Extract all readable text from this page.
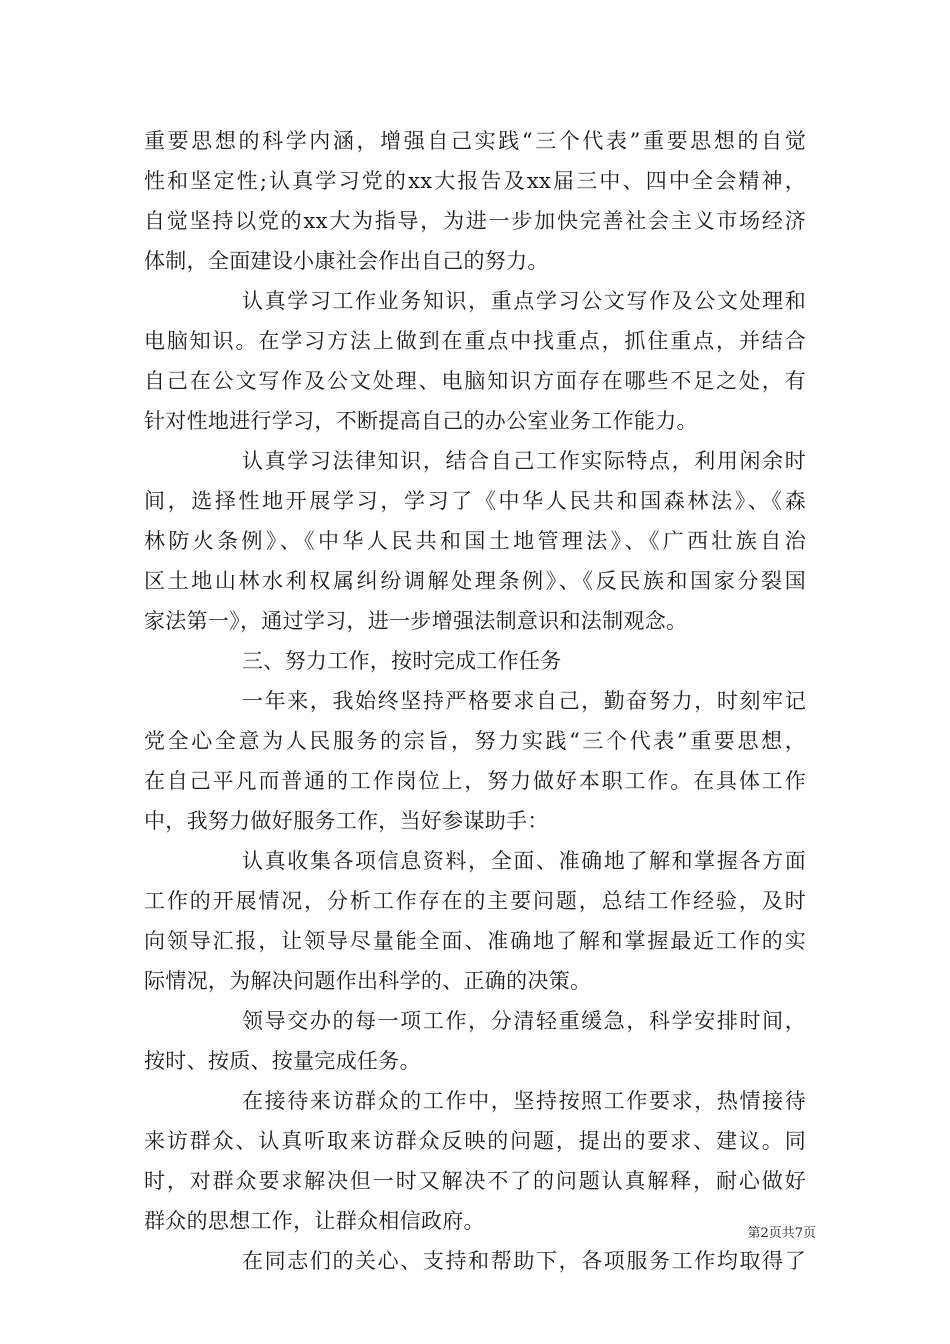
重要思想的科学内涵，增强自己实践“三个代表”重要思想的自觉
性和坚定性;认真学习党的xx大报告及xx届三中、四中全会精神，
自觉坚持以党的xx大为指导，为进一步加快完善社会主义市场经济
体制，全面建设小康社会作出自己的努力。
认真学习工作业务知识，重点学习公文写作及公文处理和
电脑知识。在学习方法上做到在重点中找重点，抓住重点，并结合
自己在公文写作及公文处理、电脑知识方面存在哪些不足之处，有
针对性地进行学习，不断提高自己的办公室业务工作能力。
认真学习法律知识，结合自己工作实际特点，利用闲余时
间，选择性地开展学习，学习了《中华人民共和国森林法》、《森
林防火条例》、《中华人民共和国土地管理法》、《广西壮族自治
区土地山林水利权属纠纷调解处理条例》、《反民族和国家分裂国
家法第一》，通过学习，进一步增强法制意识和法制观念。
三、努力工作，按时完成工作任务
一年来，我始终坚持严格要求自己，勤奋努力，时刻牢记
党全心全意为人民服务的宗旨，努力实践“三个代表”重要思想，
在自己平凡而普通的工作岗位上，努力做好本职工作。在具体工作
中，我努力做好服务工作，当好参谋助手：
认真收集各项信息资料，全面、准确地了解和掌握各方面
工作的开展情况，分析工作存在的主要问题，总结工作经验，及时
向领导汇报，让领导尽量能全面、准确地了解和掌握最近工作的实
际情况，为解决问题作出科学的、正确的决策。
领导交办的每一项工作，分清轻重缓急，科学安排时间，
按时、按质、按量完成任务。
在接待来访群众的工作中，坚持按照工作要求，热情接待
来访群众、认真听取来访群众反映的问题，提出的要求、建议。同
时，对群众要求解决但一时又解决不了的问题认真解释，耐心做好
群众的思想工作，让群众相信政府。
在同志们的关心、支持和帮助下，各项服务工作均取得了
第2页共7页
